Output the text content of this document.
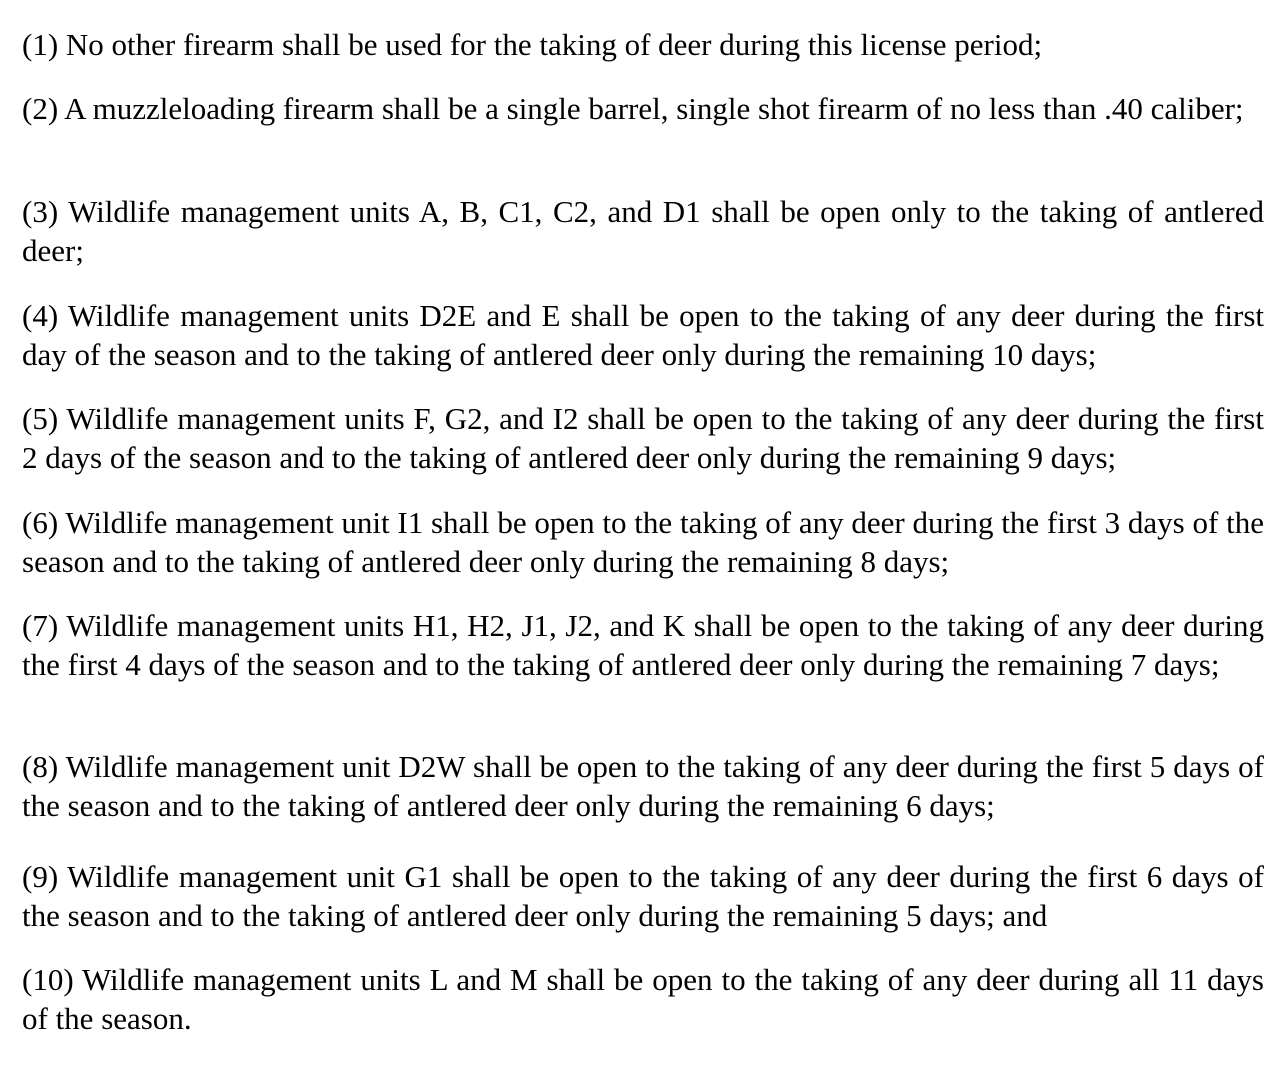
(1) No other firearm shall be used for the taking of deer during this license period;

(2) A muzzleloading firearm shall be a single barrel, single shot firearm of no less than .40 caliber;

(3) Wildlife management units A, B, C1, C2, and D1 shall be open only to the taking of antlered deer;

(4) Wildlife management units D2E and E shall be open to the taking of any deer during the first day of the season and to the taking of antlered deer only during the remaining 10 days;

(5) Wildlife management units F, G2, and I2 shall be open to the taking of any deer during the first 2 days of the season and to the taking of antlered deer only during the remaining 9 days;

(6) Wildlife management unit I1 shall be open to the taking of any deer during the first 3 days of the season and to the taking of antlered deer only during the remaining 8 days;

(7) Wildlife management units H1, H2, J1, J2, and K shall be open to the taking of any deer during the first 4 days of the season and to the taking of antlered deer only during the remaining 7 days;

(8) Wildlife management unit D2W shall be open to the taking of any deer during the first 5 days of the season and to the taking of antlered deer only during the remaining 6 days;

(9) Wildlife management unit G1 shall be open to the taking of any deer during the first 6 days of the season and to the taking of antlered deer only during the remaining 5 days; and

(10) Wildlife management units L and M shall be open to the taking of any deer during all 11 days of the season.
